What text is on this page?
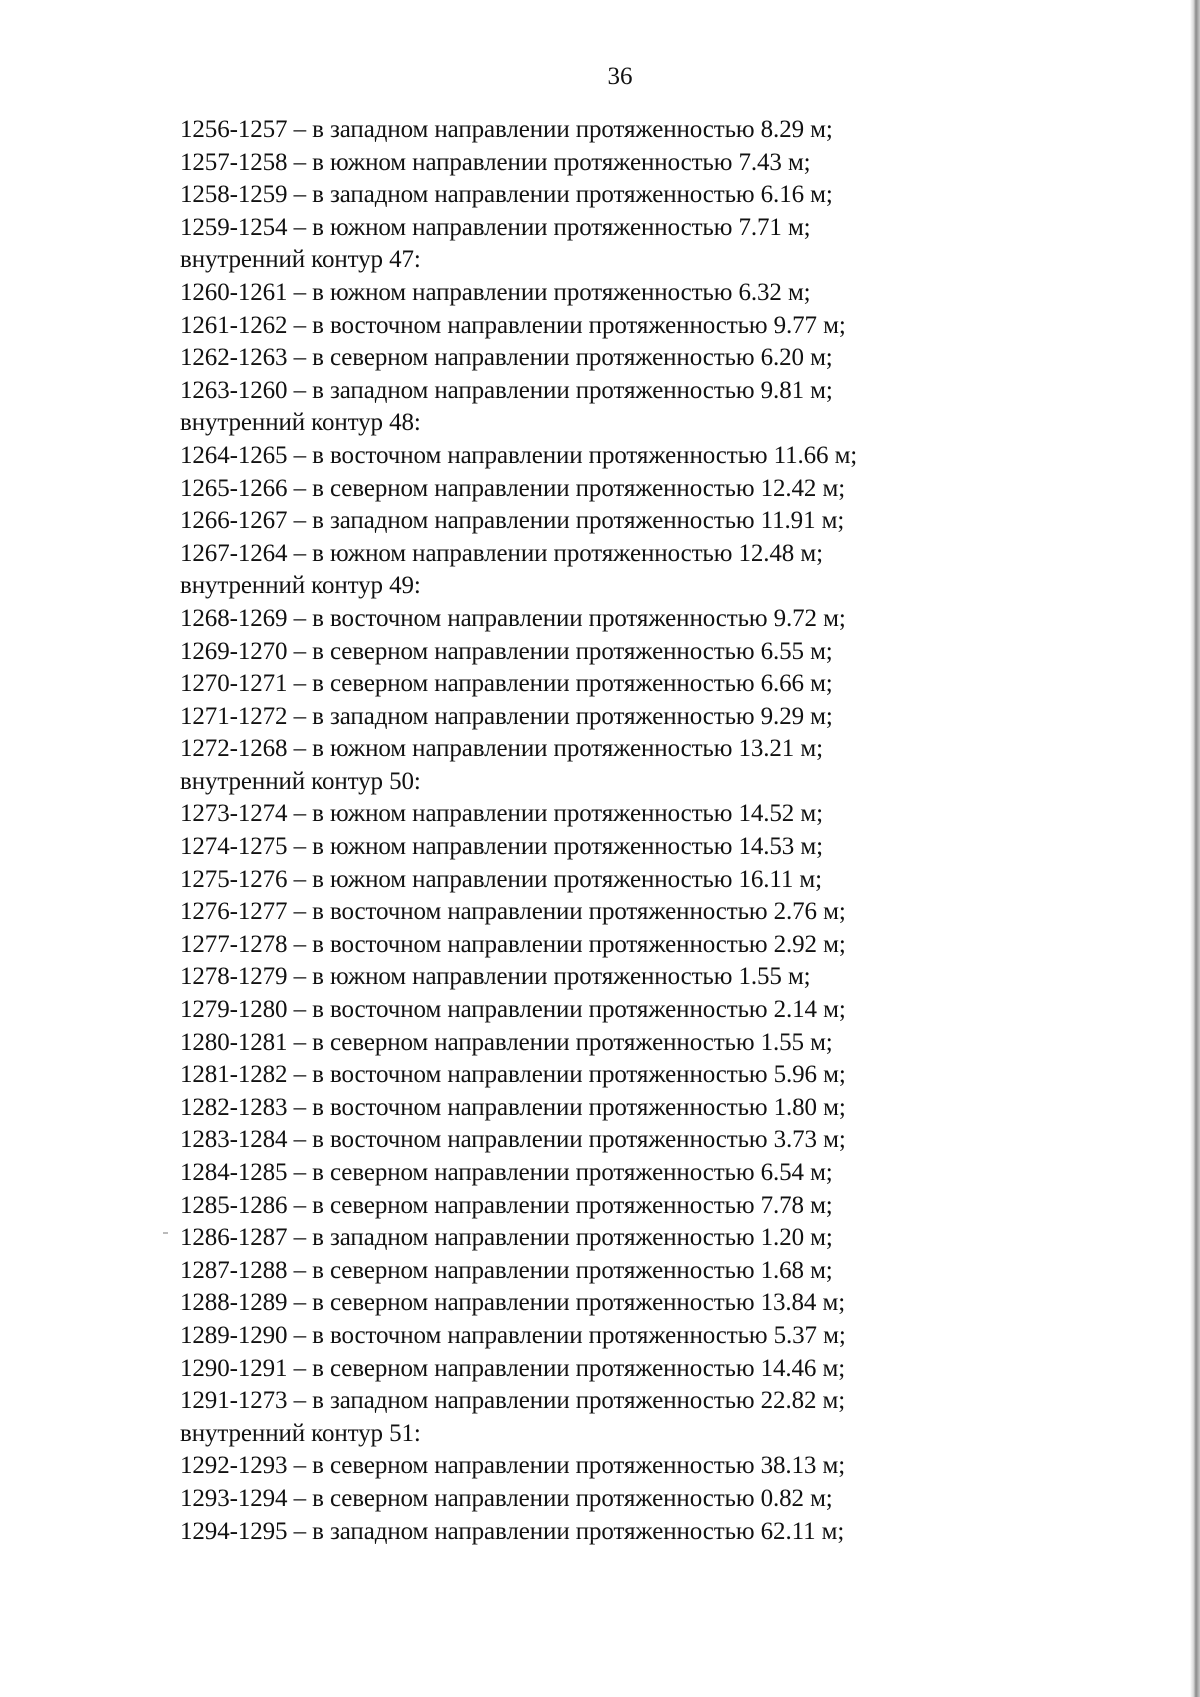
36
1256-1257 – в западном направлении протяженностью 8.29 м;
1257-1258 – в южном направлении протяженностью 7.43 м;
1258-1259 – в западном направлении протяженностью 6.16 м;
1259-1254 – в южном направлении протяженностью 7.71 м;
внутренний контур 47:
1260-1261 – в южном направлении протяженностью 6.32 м;
1261-1262 – в восточном направлении протяженностью 9.77 м;
1262-1263 – в северном направлении протяженностью 6.20 м;
1263-1260 – в западном направлении протяженностью 9.81 м;
внутренний контур 48:
1264-1265 – в восточном направлении протяженностью 11.66 м;
1265-1266 – в северном направлении протяженностью 12.42 м;
1266-1267 – в западном направлении протяженностью 11.91 м;
1267-1264 – в южном направлении протяженностью 12.48 м;
внутренний контур 49:
1268-1269 – в восточном направлении протяженностью 9.72 м;
1269-1270 – в северном направлении протяженностью 6.55 м;
1270-1271 – в северном направлении протяженностью 6.66 м;
1271-1272 – в западном направлении протяженностью 9.29 м;
1272-1268 – в южном направлении протяженностью 13.21 м;
внутренний контур 50:
1273-1274 – в южном направлении протяженностью 14.52 м;
1274-1275 – в южном направлении протяженностью 14.53 м;
1275-1276 – в южном направлении протяженностью 16.11 м;
1276-1277 – в восточном направлении протяженностью 2.76 м;
1277-1278 – в восточном направлении протяженностью 2.92 м;
1278-1279 – в южном направлении протяженностью 1.55 м;
1279-1280 – в восточном направлении протяженностью 2.14 м;
1280-1281 – в северном направлении протяженностью 1.55 м;
1281-1282 – в восточном направлении протяженностью 5.96 м;
1282-1283 – в восточном направлении протяженностью 1.80 м;
1283-1284 – в восточном направлении протяженностью 3.73 м;
1284-1285 – в северном направлении протяженностью 6.54 м;
1285-1286 – в северном направлении протяженностью 7.78 м;
1286-1287 – в западном направлении протяженностью 1.20 м;
1287-1288 – в северном направлении протяженностью 1.68 м;
1288-1289 – в северном направлении протяженностью 13.84 м;
1289-1290 – в восточном направлении протяженностью 5.37 м;
1290-1291 – в северном направлении протяженностью 14.46 м;
1291-1273 – в западном направлении протяженностью 22.82 м;
внутренний контур 51:
1292-1293 – в северном направлении протяженностью 38.13 м;
1293-1294 – в северном направлении протяженностью 0.82 м;
1294-1295 – в западном направлении протяженностью 62.11 м;
